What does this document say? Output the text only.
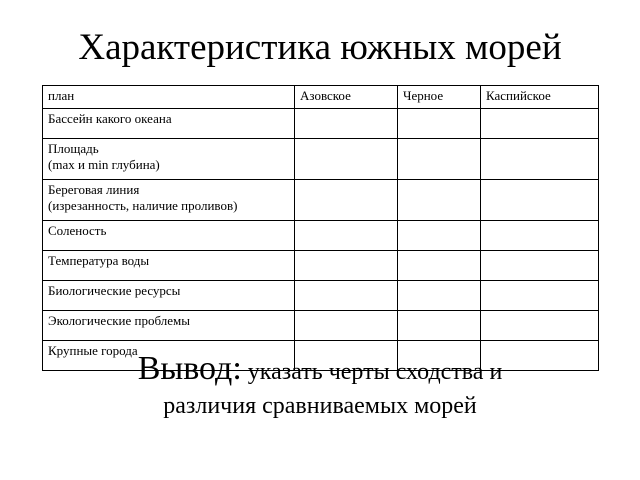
Характеристика южных морей
план	Азовское	Черное	Каспийское

Бассейн какого океана			

Площадь
(max и min глубина)			

Береговая линия
(изрезанность, наличие проливов)			

Соленость			

Температура воды			

Биологические ресурсы			

Экологические проблемы			

Крупные города			
			Вывод: указать черты сходства и
различия сравниваемых морей
